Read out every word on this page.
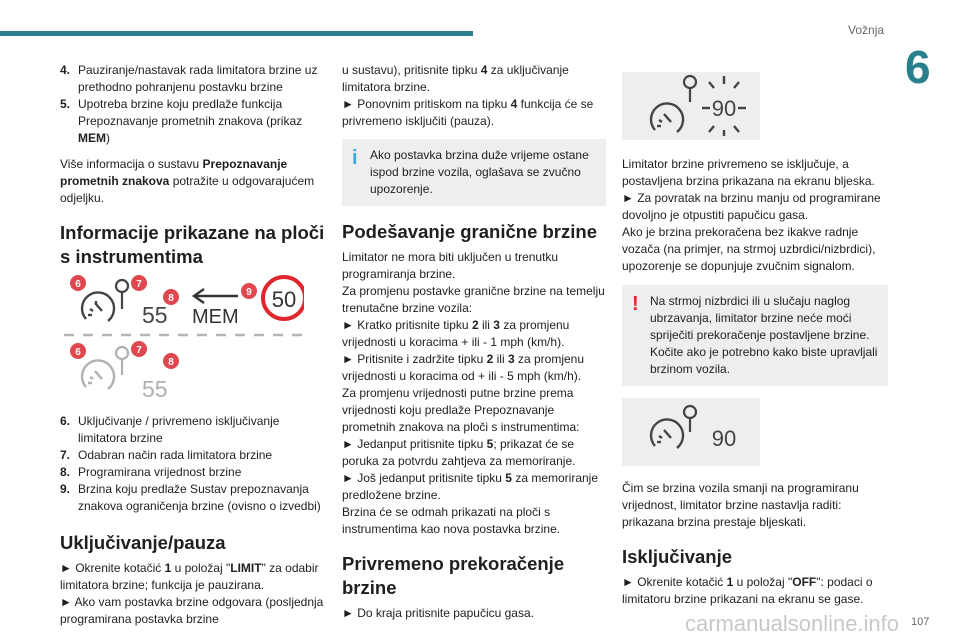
Vožnja
6
4. Pauziranje/nastavak rada limitatora brzine uz prethodno pohranjenu postavku brzine
5. Upotreba brzine koju predlaže funkcija Prepoznavanje prometnih znakova (prikaz MEM)

Više informacija o sustavu Prepoznavanje prometnih znakova potražite u odgovarajućem odjeljku.

Informacije prikazane na ploči s instrumentima
55 MEM
50
6	7
8
9
55
6	7
8
6. Uključivanje / privremeno isključivanje limitatora brzine
7. Odabran način rada limitatora brzine
8. Programirana vrijednost brzine
9. Brzina koju predlaže Sustav prepoznavanja znakova ograničenja brzine (ovisno o izvedbi)
Uključivanje/pauza

► Okrenite kotačić 1 u položaj "LIMIT" za odabir limitatora brzine; funkcija je pauzirana.

► Ako vam postavka brzine odgovara (posljednja programirana postavka brzine

u sustavu), pritisnite tipku 4 za uključivanje limitatora brzine.

► Ponovnim pritiskom na tipku 4 funkcija će se privremeno isključiti (pauza).

i	Ako postavka brzina duže vrijeme ostane ispod brzine vozila, oglašava se zvučno upozorenje.

Podešavanje granične brzine

Limitator ne mora biti uključen u trenutku programiranja brzine.

Za promjenu postavke granične brzine na temelju trenutačne brzine vozila:

► Kratko pritisnite tipku 2 ili 3 za promjenu vrijednosti u koracima + ili - 1 mph (km/h).

► Pritisnite i zadržite tipku 2 ili 3 za promjenu vrijednosti u koracima od + ili - 5 mph (km/h).

Za promjenu vrijednosti putne brzine prema vrijednosti koju predlaže Prepoznavanje prometnih znakova na ploči s instrumentima:

► Jedanput pritisnite tipku 5; prikazat će se poruka za potvrdu zahtjeva za memoriranje.

► Još jedanput pritisnite tipku 5 za memoriranje predložene brzine.

Brzina će se odmah prikazati na ploči s instrumentima kao nova postavka brzine.

Privremeno prekoračenje brzine

► Do kraja pritisnite papučicu gasa.

90

Limitator brzine privremeno se isključuje, a postavljena brzina prikazana na ekranu bljeska.

► Za povratak na brzinu manju od programirane dovoljno je otpustiti papučicu gasa.

Ako je brzina prekoračena bez ikakve radnje vozača (na primjer, na strmoj uzbrdici/nizbrdici), upozorenje se dopunjuje zvučnim signalom.

! Na strmoj nizbrdici ili u slučaju naglog ubrzavanja, limitator brzine neće moći spriječiti prekoračenje postavljene brzine. Kočite ako je potrebno kako biste upravljali brzinom vozila.

90

Čim se brzina vozila smanji na programiranu vrijednost, limitator brzine nastavlja raditi: prikazana brzina prestaje bljeskati.

Isključivanje

► Okrenite kotačić 1 u položaj "OFF": podaci o limitatoru brzine prikazani na ekranu se gase.

carmanualsonline.info 107
